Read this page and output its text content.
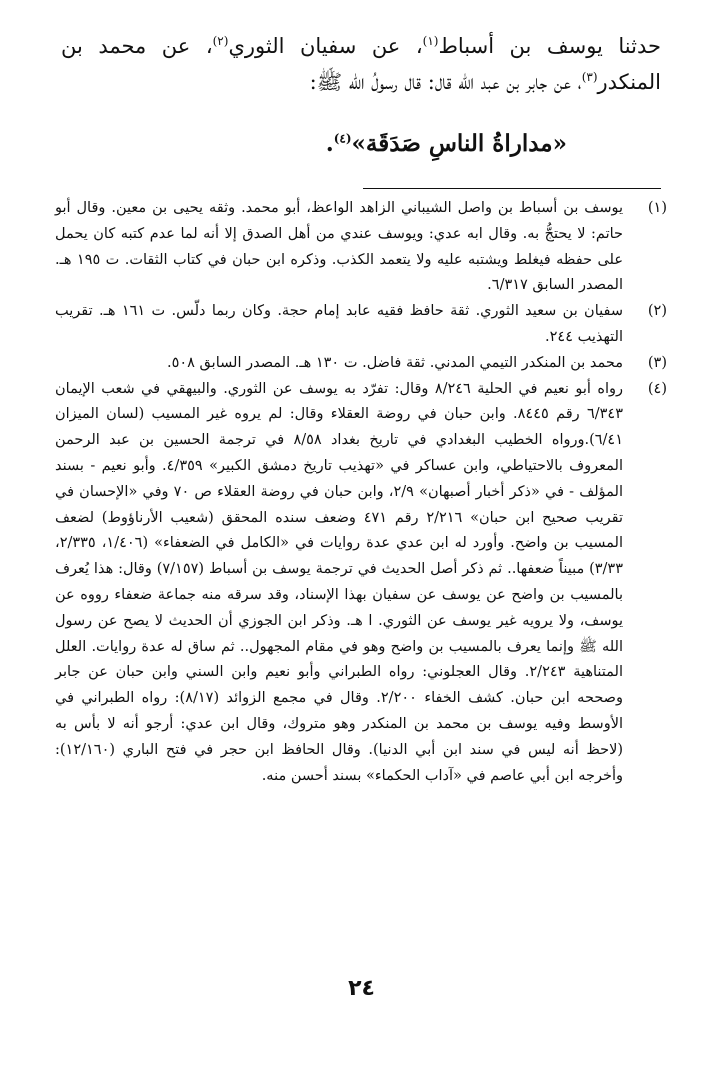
حدثنا يوسف بن أسباط$^{(١)}$، عن سفيان الثوري$^{(٢)}$، عن محمد بن المنكدر$^{(٣)}$، عن جابر بن عبد الله قال: قال رسولُ الله ﷺ:

«مداراةُ الناسِ صَدَقَة»$^{(٤)}$.
(١)
يوسف بن أسباط بن واصل الشيباني الزاهد الواعظ، أبو محمد. وثقه يحيى بن معين. وقال أبو حاتم: لا يحتجُّ به. وقال ابه عدي: ويوسف عندي من أهل الصدق إلا أنه لما عدم كتبه كان يحمل على حفظه فيغلط ويشتبه عليه ولا يتعمد الكذب. وذكره ابن حبان في كتاب الثقات. ت ١٩٥ هـ. المصدر السابق ٦/٣١٧.
(٢)
سفيان بن سعيد الثوري. ثقة حافظ فقيه عابد إمام حجة. وكان ربما دلّس. ت ١٦١ هـ. تقريب التهذيب ٢٤٤.
(٣)
محمد بن المنكدر التيمي المدني. ثقة فاضل. ت ١٣٠ هـ. المصدر السابق ٥٠٨.
(٤)
رواه أبو نعيم في الحلية ٨/٢٤٦ وقال: تفرّد به يوسف عن الثوري. والبيهقي في شعب الإيمان ٦/٣٤٣ رقم ٨٤٤٥. وابن حبان في روضة العقلاء وقال: لم يروه غير المسيب (لسان الميزان ٦/٤١).ورواه الخطيب البغدادي في تاريخ بغداد ٨/٥٨ في ترجمة الحسين بن عبد الرحمن المعروف بالاحتياطي، وابن عساكر في «تهذيب تاريخ دمشق الكبير» ٤/٣٥٩. وأبو نعيم - بسند المؤلف - في «ذكر أخبار أصبهان» ٢/٩، وابن حبان في روضة العقلاء ص ٧٠ وفي «الإحسان في تقريب صحيح ابن حبان» ٢/٢١٦ رقم ٤٧١ وضعف سنده المحقق (شعيب الأرناؤوط) لضعف المسيب بن واضح. وأورد له ابن عدي عدة روايات في «الكامل في الضعفاء» (١/٤٠٦، ٢/٣٣٥، ٣/٣٣) مبيناً ضعفها.. ثم ذكر أصل الحديث في ترجمة يوسف بن أسباط (٧/١٥٧) وقال: هذا يُعرف بالمسيب بن واضح عن يوسف عن سفيان بهذا الإسناد، وقد سرقه منه جماعة ضعفاء رووه عن يوسف، ولا يرويه غير يوسف عن الثوري. ا هـ. وذكر ابن الجوزي أن الحديث لا يصح عن رسول الله ﷺ وإنما يعرف بالمسيب بن واضح وهو في مقام المجهول.. ثم ساق له عدة روايات. العلل المتناهية ٢/٢٤٣. وقال العجلوني: رواه الطبراني وأبو نعيم وابن السني وابن حبان عن جابر وصححه ابن حبان. كشف الخفاء ٢/٢٠٠. وقال في مجمع الزوائد (٨/١٧): رواه الطبراني في الأوسط وفيه يوسف بن محمد بن المنكدر وهو متروك، وقال ابن عدي: أرجو أنه لا بأس به (لاحظ أنه ليس في سند ابن أبي الدنيا). وقال الحافظ ابن حجر في فتح الباري (١٢/١٦٠): وأخرجه ابن أبي عاصم في «آداب الحكماء» بسند أحسن منه.
٢٤
